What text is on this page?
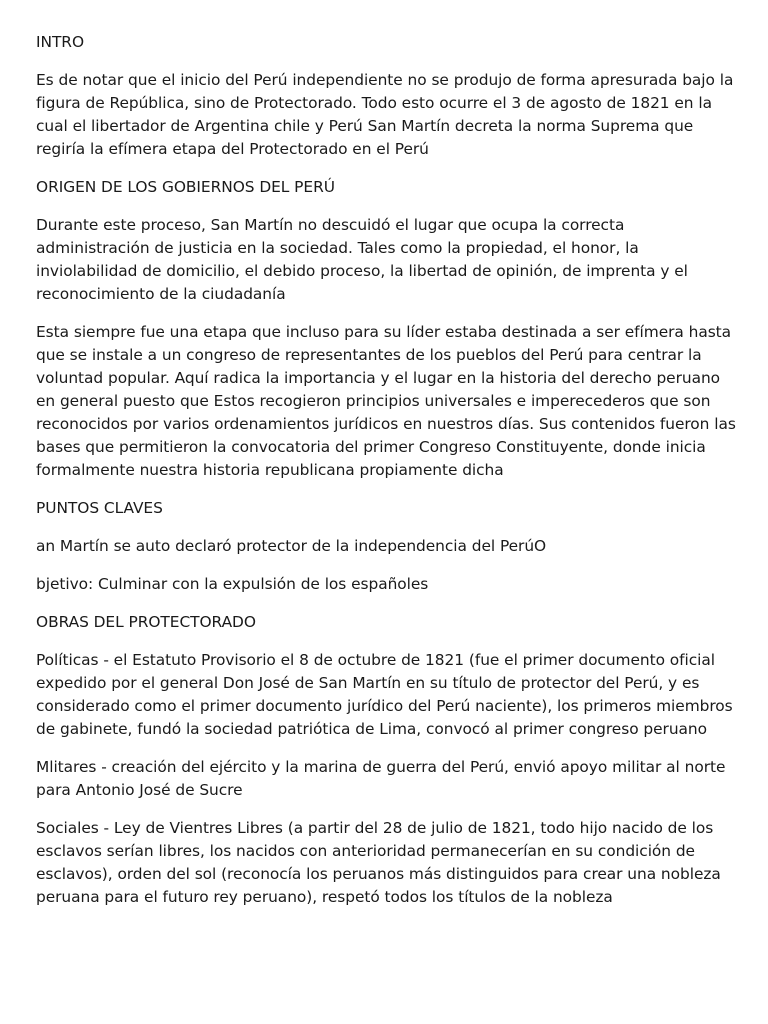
INTRO

Es de notar que el inicio del Perú independiente no se produjo de forma apresurada bajo la figura de República, sino de Protectorado. Todo esto ocurre el 3 de agosto de 1821 en la cual el libertador de Argentina chile y Perú San Martín decreta la norma Suprema que regiría la efímera etapa del Protectorado en el Perú

ORIGEN DE LOS GOBIERNOS DEL PERÚ

Durante este proceso, San Martín no descuidó el lugar que ocupa la correcta administración de justicia en la sociedad. Tales como la propiedad, el honor, la inviolabilidad de domicilio, el debido proceso, la libertad de opinión, de imprenta y el reconocimiento de la ciudadanía

Esta siempre fue una etapa que incluso para su líder estaba destinada a ser efímera hasta que se instale a un congreso de representantes de los pueblos del Perú para centrar la voluntad popular. Aquí radica la importancia y el lugar en la historia del derecho peruano en general puesto que Estos recogieron principios universales e imperecederos que son reconocidos por varios ordenamientos jurídicos en nuestros días. Sus contenidos fueron las bases que permitieron la convocatoria del primer Congreso Constituyente, donde inicia formalmente nuestra historia republicana propiamente dicha

PUNTOS CLAVES

an Martín se auto declaró protector de la independencia del PerúO

bjetivo: Culminar con la expulsión de los españoles

OBRAS DEL PROTECTORADO

Políticas - el Estatuto Provisorio el 8 de octubre de 1821 (fue el primer documento oficial expedido por el general Don José de San Martín en su título de protector del Perú, y es considerado como el primer documento jurídico del Perú naciente), los primeros miembros de gabinete, fundó la sociedad patriótica de Lima, convocó al primer congreso peruano

Mlitares - creación del ejército y la marina de guerra del Perú, envió apoyo militar al norte para Antonio José de Sucre

Sociales - Ley de Vientres Libres (a partir del 28 de julio de 1821, todo hijo nacido de los esclavos serían libres, los nacidos con anterioridad permanecerían en su condición de esclavos), orden del sol (reconocía los peruanos más distinguidos para crear una nobleza peruana para el futuro rey peruano), respetó todos los títulos de la nobleza
